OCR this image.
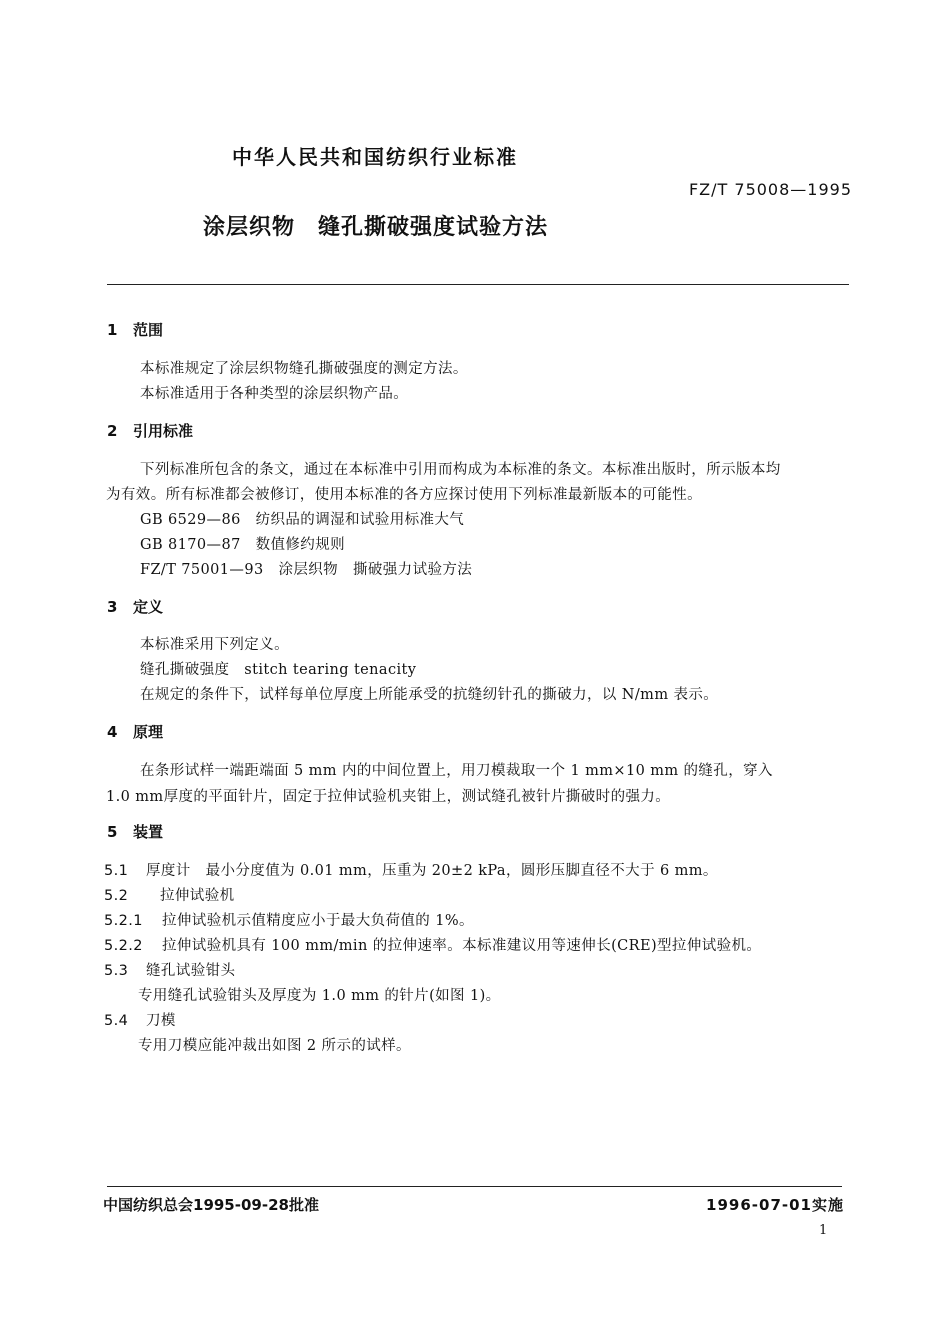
中华人民共和国纺织行业标准
FZ/T 75008—1995
涂层织物　缝孔撕破强度试验方法
1 范围
本标准规定了涂层织物缝孔撕破强度的测定方法。
本标准适用于各种类型的涂层织物产品。
2 引用标准
下列标准所包含的条文，通过在本标准中引用而构成为本标准的条文。本标准出版时，所示版本均
为有效。所有标准都会被修订，使用本标准的各方应探讨使用下列标准最新版本的可能性。
GB 6529—86　纺织品的调湿和试验用标准大气
GB 8170—87　数值修约规则
FZ/T 75001—93　涂层织物　撕破强力试验方法
3 定义
本标准采用下列定义。
缝孔撕破强度　stitch tearing tenacity
在规定的条件下，试样每单位厚度上所能承受的抗缝纫针孔的撕破力，以 N/mm 表示。
4 原理
在条形试样一端距端面 5 mm 内的中间位置上，用刀模裁取一个 1 mm×10 mm 的缝孔，穿入
1.0 mm厚度的平面针片，固定于拉伸试验机夹钳上，测试缝孔被针片撕破时的强力。
5 装置
5.1 厚度计　最小分度值为 0.01 mm，压重为 20±2 kPa，圆形压脚直径不大于 6 mm。
5.2 拉伸试验机
5.2.1 拉伸试验机示值精度应小于最大负荷值的 1%。
5.2.2 拉伸试验机具有 100 mm/min 的拉伸速率。本标准建议用等速伸长(CRE)型拉伸试验机。
5.3 缝孔试验钳头
专用缝孔试验钳头及厚度为 1.0 mm 的针片(如图 1)。
5.4 刀模
专用刀模应能冲裁出如图 2 所示的试样。
中国纺织总会1995-09-28批准	1996-07-01实施
1
